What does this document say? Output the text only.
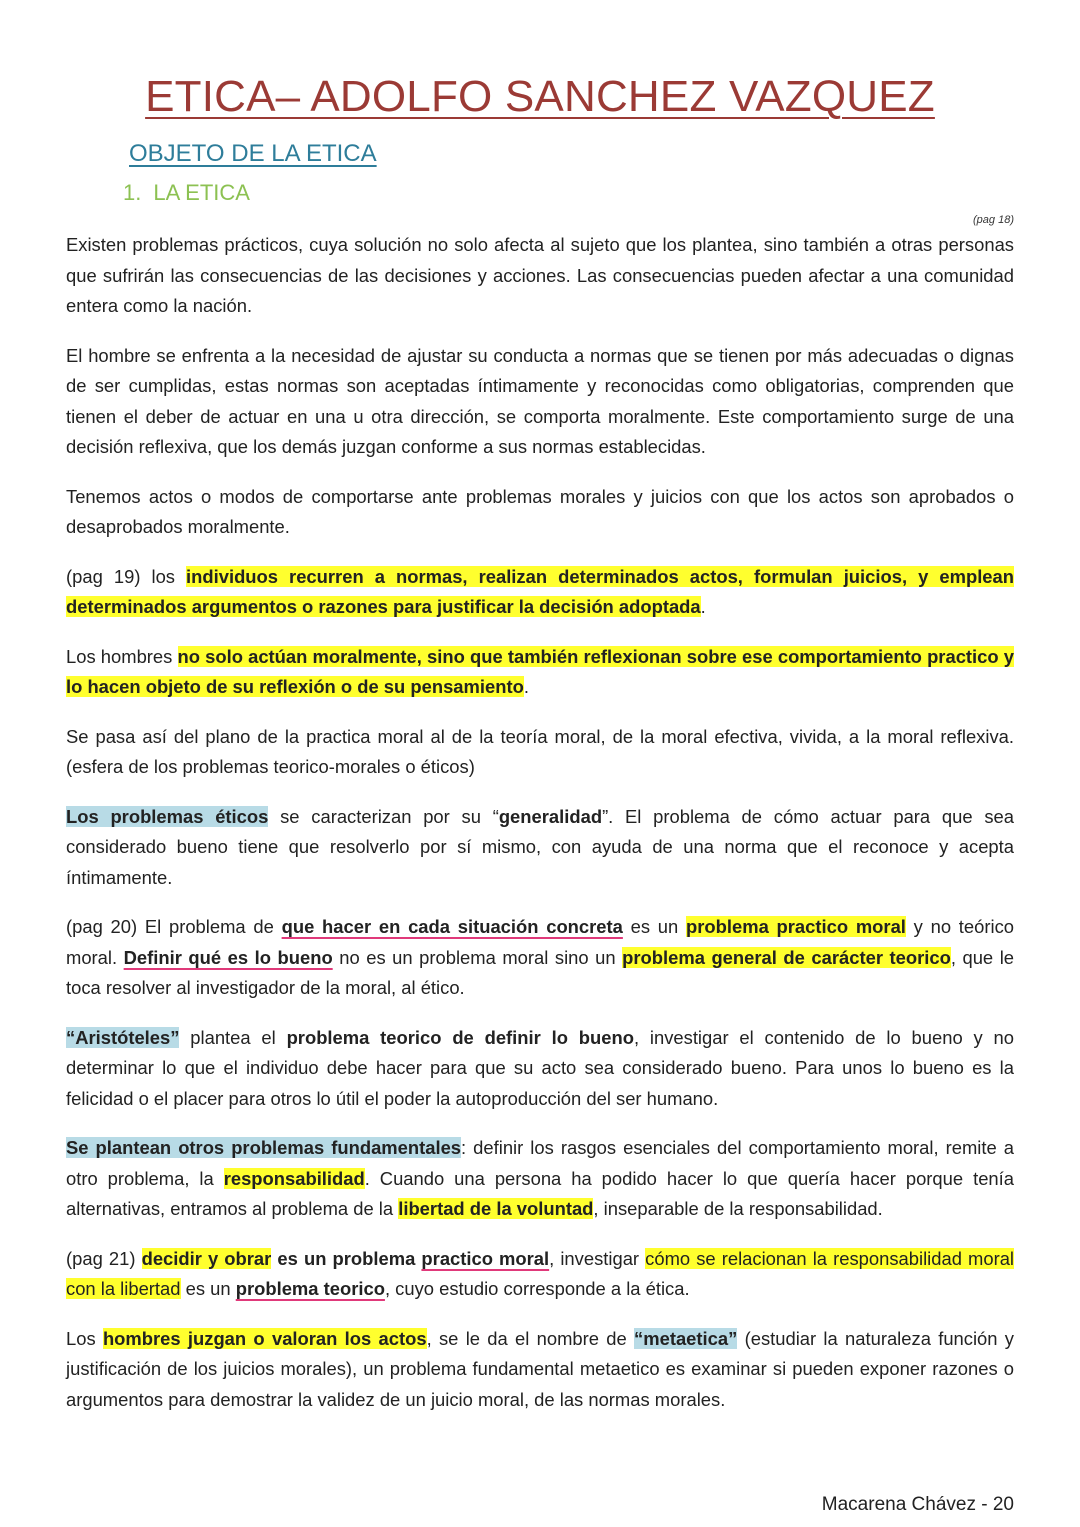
ETICA– ADOLFO SANCHEZ VAZQUEZ
OBJETO DE LA ETICA
1. LA ETICA
(pag 18)

Existen problemas prácticos, cuya solución no solo afecta al sujeto que los plantea, sino también a otras personas que sufrirán las consecuencias de las decisiones y acciones. Las consecuencias pueden afectar a una comunidad entera como la nación.

El hombre se enfrenta a la necesidad de ajustar su conducta a normas que se tienen por más adecuadas o dignas de ser cumplidas, estas normas son aceptadas íntimamente y reconocidas como obligatorias, comprenden que tienen el deber de actuar en una u otra dirección, se comporta moralmente. Este comportamiento surge de una decisión reflexiva, que los demás juzgan conforme a sus normas establecidas.

Tenemos actos o modos de comportarse ante problemas morales y juicios con que los actos son aprobados o desaprobados moralmente.

(pag 19) los individuos recurren a normas, realizan determinados actos, formulan juicios, y emplean determinados argumentos o razones para justificar la decisión adoptada.

Los hombres no solo actúan moralmente, sino que también reflexionan sobre ese comportamiento practico y lo hacen objeto de su reflexión o de su pensamiento.

Se pasa así del plano de la practica moral al de la teoría moral, de la moral efectiva, vivida, a la moral reflexiva. (esfera de los problemas teorico-morales o éticos)

Los problemas éticos se caracterizan por su “generalidad”. El problema de cómo actuar para que sea considerado bueno tiene que resolverlo por sí mismo, con ayuda de una norma que el reconoce y acepta íntimamente.

(pag 20) El problema de que hacer en cada situación concreta es un problema practico moral y no teórico moral. Definir qué es lo bueno no es un problema moral sino un problema general de carácter teorico, que le toca resolver al investigador de la moral, al ético.

“Aristóteles” plantea el problema teorico de definir lo bueno, investigar el contenido de lo bueno y no determinar lo que el individuo debe hacer para que su acto sea considerado bueno. Para unos lo bueno es la felicidad o el placer para otros lo útil el poder la autoproducción del ser humano.

Se plantean otros problemas fundamentales: definir los rasgos esenciales del comportamiento moral, remite a otro problema, la responsabilidad. Cuando una persona ha podido hacer lo que quería hacer porque tenía alternativas, entramos al problema de la libertad de la voluntad, inseparable de la responsabilidad.

(pag 21) decidir y obrar es un problema practico moral, investigar cómo se relacionan la responsabilidad moral con la libertad es un problema teorico, cuyo estudio corresponde a la ética.

Los hombres juzgan o valoran los actos, se le da el nombre de “metaetica” (estudiar la naturaleza función y justificación de los juicios morales), un problema fundamental metaetico es examinar si pueden exponer razones o argumentos para demostrar la validez de un juicio moral, de las normas morales.

Macarena Chávez - 20
